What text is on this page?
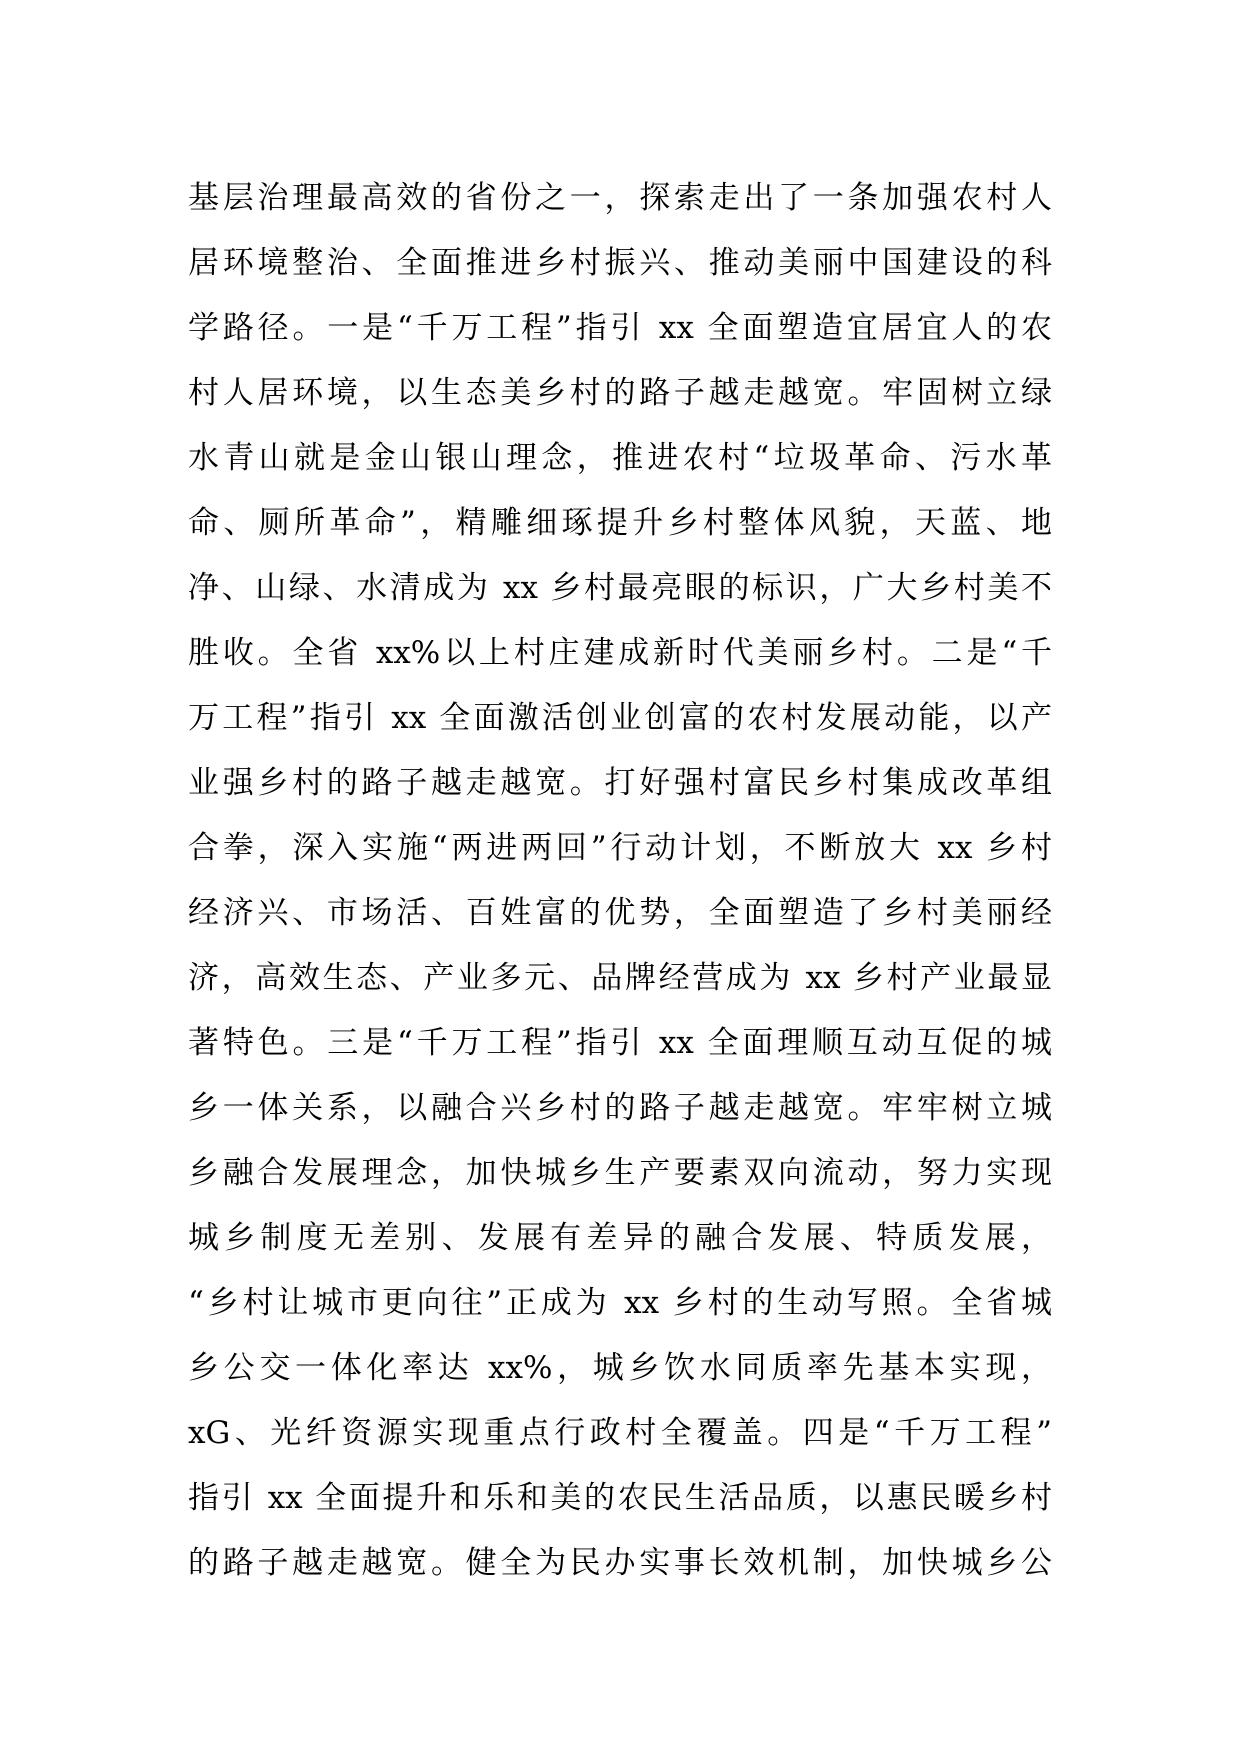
基层治理最高效的省份之一，探索走出了一条加强农村人
居环境整治、全面推进乡村振兴、推动美丽中国建设的科
学路径。一是“千万工程”指引 xx 全面塑造宜居宜人的农
村人居环境，以生态美乡村的路子越走越宽。牢固树立绿
水青山就是金山银山理念，推进农村“垃圾革命、污水革
命、厕所革命”，精雕细琢提升乡村整体风貌，天蓝、地
净、山绿、水清成为 xx 乡村最亮眼的标识，广大乡村美不
胜收。全省 xx%以上村庄建成新时代美丽乡村。二是“千
万工程”指引 xx 全面激活创业创富的农村发展动能，以产
业强乡村的路子越走越宽。打好强村富民乡村集成改革组
合拳，深入实施“两进两回”行动计划，不断放大 xx 乡村
经济兴、市场活、百姓富的优势，全面塑造了乡村美丽经
济，高效生态、产业多元、品牌经营成为 xx 乡村产业最显
著特色。三是“千万工程”指引 xx 全面理顺互动互促的城
乡一体关系，以融合兴乡村的路子越走越宽。牢牢树立城
乡融合发展理念，加快城乡生产要素双向流动，努力实现
城乡制度无差别、发展有差异的融合发展、特质发展，
“乡村让城市更向往”正成为 xx 乡村的生动写照。全省城
乡公交一体化率达 xx%，城乡饮水同质率先基本实现，
xG、光纤资源实现重点行政村全覆盖。四是“千万工程”
指引 xx 全面提升和乐和美的农民生活品质，以惠民暖乡村
的路子越走越宽。健全为民办实事长效机制，加快城乡公
